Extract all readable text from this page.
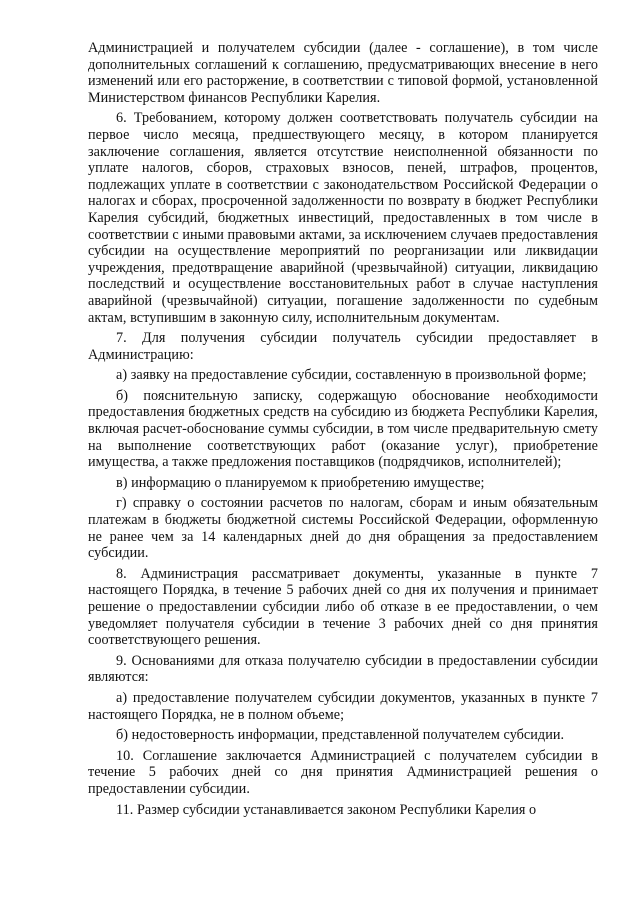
Администрацией и получателем субсидии (далее - соглашение), в том числе дополнительных соглашений к соглашению, предусматривающих внесение в него изменений или его расторжение, в соответствии с типовой формой, установленной Министерством финансов Республики Карелия.

6. Требованием, которому должен соответствовать получатель субсидии на первое число месяца, предшествующего месяцу, в котором планируется заключение соглашения, является отсутствие неисполненной обязанности по уплате налогов, сборов, страховых взносов, пеней, штрафов, процентов, подлежащих уплате в соответствии с законодательством Российской Федерации о налогах и сборах, просроченной задолженности по возврату в бюджет Республики Карелия субсидий, бюджетных инвестиций, предоставленных в том числе в соответствии с иными правовыми актами, за исключением случаев предоставления субсидии на осуществление мероприятий по реорганизации или ликвидации учреждения, предотвращение аварийной (чрезвычайной) ситуации, ликвидацию последствий и осуществление восстановительных работ в случае наступления аварийной (чрезвычайной) ситуации, погашение задолженности по судебным актам, вступившим в законную силу, исполнительным документам.

7. Для получения субсидии получатель субсидии предоставляет в Администрацию:

а) заявку на предоставление субсидии, составленную в произвольной форме;

б) пояснительную записку, содержащую обоснование необходимости предоставления бюджетных средств на субсидию из бюджета Республики Карелия, включая расчет-обоснование суммы субсидии, в том числе предварительную смету на выполнение соответствующих работ (оказание услуг), приобретение имущества, а также предложения поставщиков (подрядчиков, исполнителей);

в) информацию о планируемом к приобретению имуществе;

г) справку о состоянии расчетов по налогам, сборам и иным обязательным платежам в бюджеты бюджетной системы Российской Федерации, оформленную не ранее чем за 14 календарных дней до дня обращения за предоставлением субсидии.

8. Администрация рассматривает документы, указанные в пункте 7 настоящего Порядка, в течение 5 рабочих дней со дня их получения и принимает решение о предоставлении субсидии либо об отказе в ее предоставлении, о чем уведомляет получателя субсидии в течение 3 рабочих дней со дня принятия соответствующего решения.

9. Основаниями для отказа получателю субсидии в предоставлении субсидии являются:

а) предоставление получателем субсидии документов, указанных в пункте 7 настоящего Порядка, не в полном объеме;

б) недостоверность информации, представленной получателем субсидии.

10. Соглашение заключается Администрацией с получателем субсидии в течение 5 рабочих дней со дня принятия Администрацией решения о предоставлении субсидии.

11. Размер субсидии устанавливается законом Республики Карелия о
